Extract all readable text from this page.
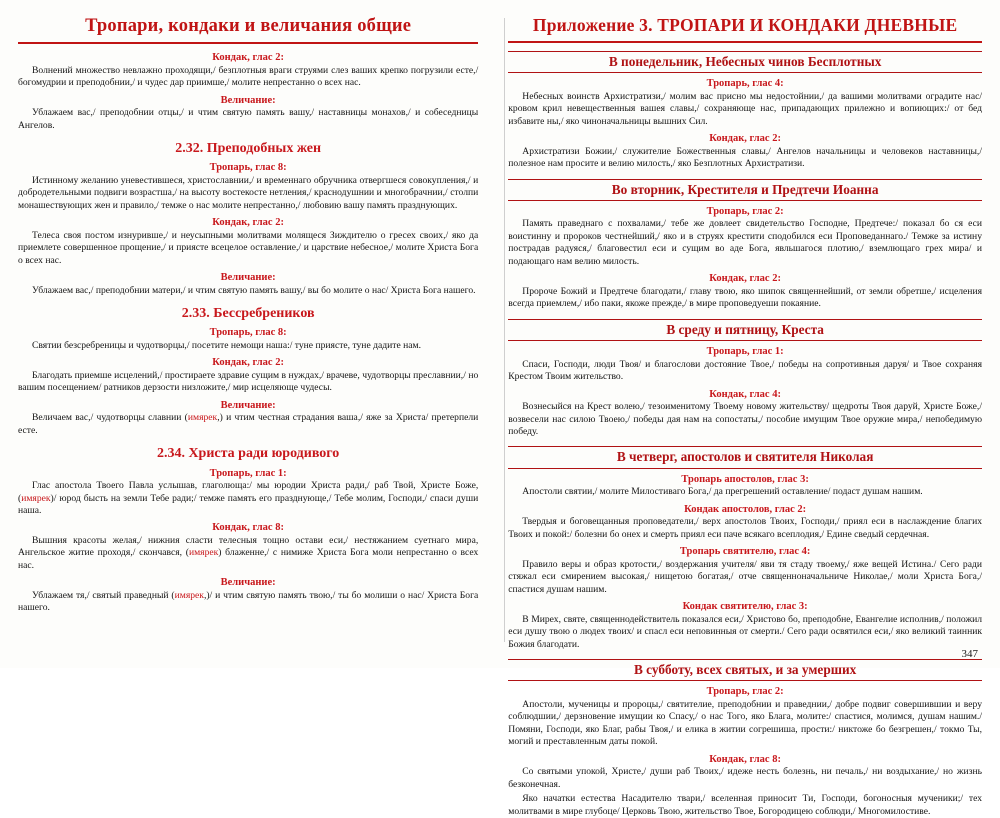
Тропари, кондаки и величания общие
Кондак, глас 2:
Волнений множество невлажно проходящи,/ безплотныя враги струями слез ваших крепко погрузили есте,/ богомудрии и преподобнии,/ и чудес дар приимше,/ молите непрестанно о всех нас.
Величание:
Ублажаем вас,/ преподобнии отцы,/ и чтим святую память вашу,/ наставницы монахов,/ и собеседницы Ангелов.
2.32. Преподобных жен
Тропарь, глас 8:
Истинному желанию уневестившеся, христославнии,/ и временнаго обручника отвергшеся совокупления,/ и добродетельными подвиги возрастша,/ на высоту востекосте нетления,/ краснодушнии и многобрачнии,/ столпи монашествующих жен и правило,/ темже о нас молите непрестанно,/ любовию вашу память празднующих.
Кондак, глас 2:
Телеса своя постом изнуривше,/ и неусыпными молитвами молящеся Зиждителю о гресех своих,/ яко да приемлете совершенное прощение,/ и приясте всецелое оставление,/ и царствие небесное,/ молите Христа Бога о всех нас.
Величание:
Ублажаем вас,/ преподобнии матери,/ и чтим святую память вашу,/ вы бо молите о нас/ Христа Бога нашего.
2.33. Бессребреников
Тропарь, глас 8:
Святии безсребреницы и чудотворцы,/ посетите немощи наша:/ туне приясте, туне дадите нам.
Кондак, глас 2:
Благодать приемше исцелений,/ простираете здравие сущим в нуждах,/ врачеве, чудотворцы преславнии,/ но вашим посещением/ ратников дерзости низложите,/ мир исцеляюще чудесы.
Величание:
Величаем вас,/ чудотворцы славнии (имярек,) и чтим честная страдания ваша,/ яже за Христа/ претерпели есте.
2.34. Христа ради юродивого
Тропарь, глас 1:
Глас апостола Твоего Павла услышав, глаголюща:/ мы юродии Христа ради,/ раб Твой, Христе Боже, (имярек)/ юрод бысть на земли Тебе ради;/ темже память его празднующе,/ Тебе молим, Господи,/ спаси души наша.
Кондак, глас 8:
Вышния красоты желая,/ нижния сласти телесныя тощно остави еси,/ нестяжанием суетнаго мира, Ангельское житие проходя,/ скончався, (имярек) блаженне,/ с нимиже Христа Бога моли непрестанно о всех нас.
Величание:
Ублажаем тя,/ святый праведный (имярек,)/ и чтим святую память твою,/ ты бо молиши о нас/ Христа Бога нашего.
Приложение 3. ТРОПАРИ И КОНДАКИ ДНЕВНЫЕ
В понедельник, Небесных чинов Бесплотных
Тропарь, глас 4:
Небесных воинств Архистратизи,/ молим вас присно мы недостойнии,/ да вашими молитвами оградите нас/ кровом крил невещественныя вашея славы,/ сохраняюще нас, припадающих прилежно и вопиющих:/ от бед избавите ны,/ яко чиноначальницы вышних Сил.
Кондак, глас 2:
Архистратизи Божии,/ служителие Божественныя славы,/ Ангелов начальницы и человеков наставницы,/ полезное нам просите и велию милость,/ яко Безплотных Архистратизи.
Во вторник, Крестителя и Предтечи Иоанна
Тропарь, глас 2:
Память праведнаго с похвалами,/ тебе же довлеет свидетельство Господне, Предтече:/ показал бо ся еси воистинну и пророков честнейший,/ яко и в струях крестити сподобился еси Проповеданнаго./ Темже за истину пострадав радуяся,/ благовестил еси и сущим во аде Бога, явльшагося плотию,/ вземлющаго грех мира/ и подающаго нам велию милость.
Кондак, глас 2:
Пророче Божий и Предтече благодати,/ главу твою, яко шипок священнейший, от земли обретше,/ исцеления всегда приемлем,/ ибо паки, якоже прежде,/ в мире проповедуеши покаяние.
В среду и пятницу, Креста
Тропарь, глас 1:
Спаси, Господи, люди Твоя/ и благослови достояние Твое,/ победы на сопротивныя даруя/ и Твое сохраняя Крестом Твоим жительство.
Кондак, глас 4:
Вознесыйся на Крест волею,/ тезоименитому Твоему новому жительству/ щедроты Твоя даруй, Христе Боже,/ возвесели нас силою Твоею,/ победы дая нам на сопостаты,/ пособие имущим Твое оружие мира,/ непобедимую победу.
В четверг, апостолов и святителя Николая
Тропарь апостолов, глас 3:
Апостоли святии,/ молите Милостиваго Бога,/ да прегрешений оставление/ подаст душам нашим.
Кондак апостолов, глас 2:
Твердыя и боговещанныя проповедатели,/ верх апостолов Твоих, Господи,/ приял еси в наслаждение благих Твоих и покой:/ болезни бо онех и смерть приял еси паче всякаго всеплодия,/ Едине сведый сердечная.
Тропарь святителю, глас 4:
Правило веры и образ кротости,/ воздержания учителя/ яви тя стаду твоему,/ яже вещей Истина./ Сего ради стяжал еси смирением высокая,/ нищетою богатая,/ отче священноначальниче Николае,/ моли Христа Бога,/ спастися душам нашим.
Кондак святителю, глас 3:
В Мирех, святе, священнодействитель показался еси,/ Христово бо, преподобне, Евангелие исполнив,/ положил еси душу твою о людех твоих/ и спасл еси неповинныя от смерти./ Сего ради освятился еси,/ яко великий таинник Божия благодати.
В субботу, всех святых, и за умерших
Тропарь, глас 2:
Апостоли, мученицы и пророцы,/ святителие, преподобнии и праведнии,/ добре подвиг совершившии и веру соблюдшии,/ дерзновение имущии ко Спасу,/ о нас Того, яко Блага, молите:/ спастися, молимся, душам нашим./ Помяни, Господи, яко Благ, рабы Твоя,/ и елика в житии согрешиша, прости:/ никтоже бо безгрешен,/ токмо Ты, могий и преставленным даты покой.
Кондак, глас 8:
Со святыми упокой, Христе,/ души раб Твоих,/ идеже несть болезнь, ни печаль,/ ни воздыхание,/ но жизнь безконечная.
Яко начатки естества Насадителю твари,/ вселенная приносит Ти, Господи, богоносныя мученики;/ тех молитвами в мире глубоце/ Церковь Твою, жительство Твое, Богородицею соблюди,/ Многомилостиве.
347
